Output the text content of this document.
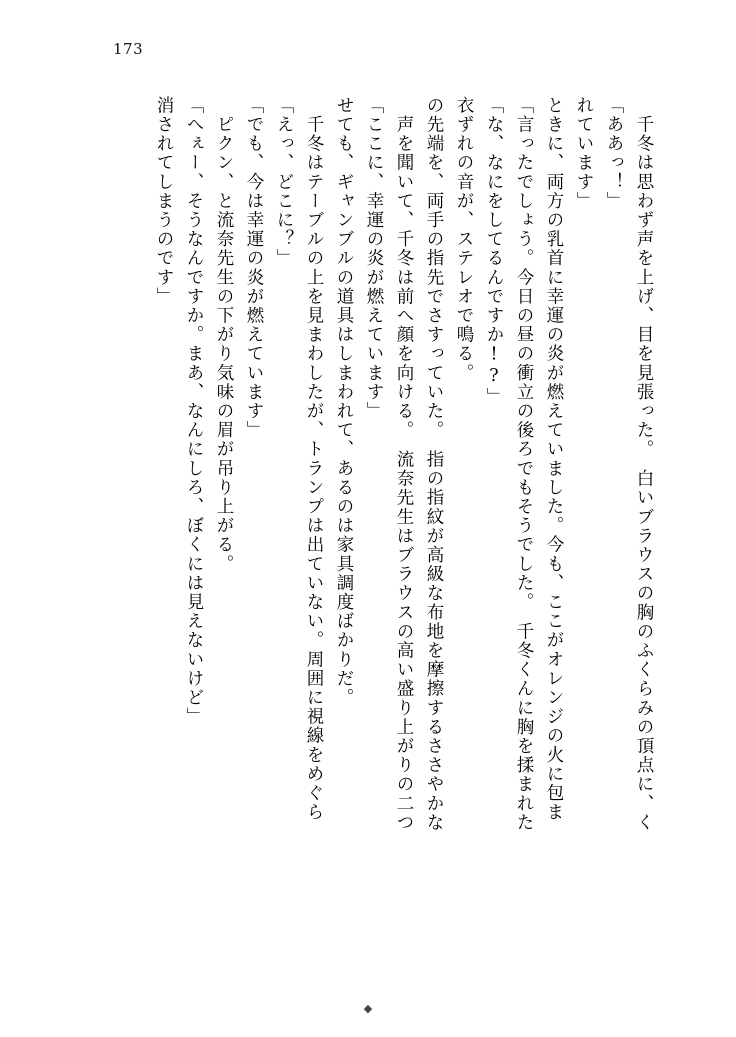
173
消されてしまうのです」 「へぇー、そうなんですか。まあ、なんにしろ、ぼくには見えないけど」 　ピクン、と流奈先生の下がり気味の眉が吊り上がる。 「でも、今は幸運の炎が燃えています」 「えっ、どこに？」 　千冬はテーブルの上を見まわしたが、トランプは出ていない。周囲に視線をめぐら せても、ギャンブルの道具はしまわれて、あるのは家具調度ばかりだ。 「ここに、幸運の炎が燃えています」 　声を聞いて、千冬は前へ顔を向ける。　流奈先生はブラウスの高い盛り上がりの二つ の先端を、両手の指先でさすっていた。　指の指紋が高級な布地を摩擦するささやかな 衣ずれの音が、ステレオで鳴る。 「な、なにをしてるんですか!?」 「言ったでしょう。今日の昼の衝立の後ろでもそうでした。　千冬くんに胸を揉まれた ときに、両方の乳首に幸運の炎が燃えていました。今も、ここがオレンジの火に包ま れています」 「ああっ！」 　千冬は思わず声を上げ、目を見張った。　白いブラウスの胸のふくらみの頂点に、く
◆
